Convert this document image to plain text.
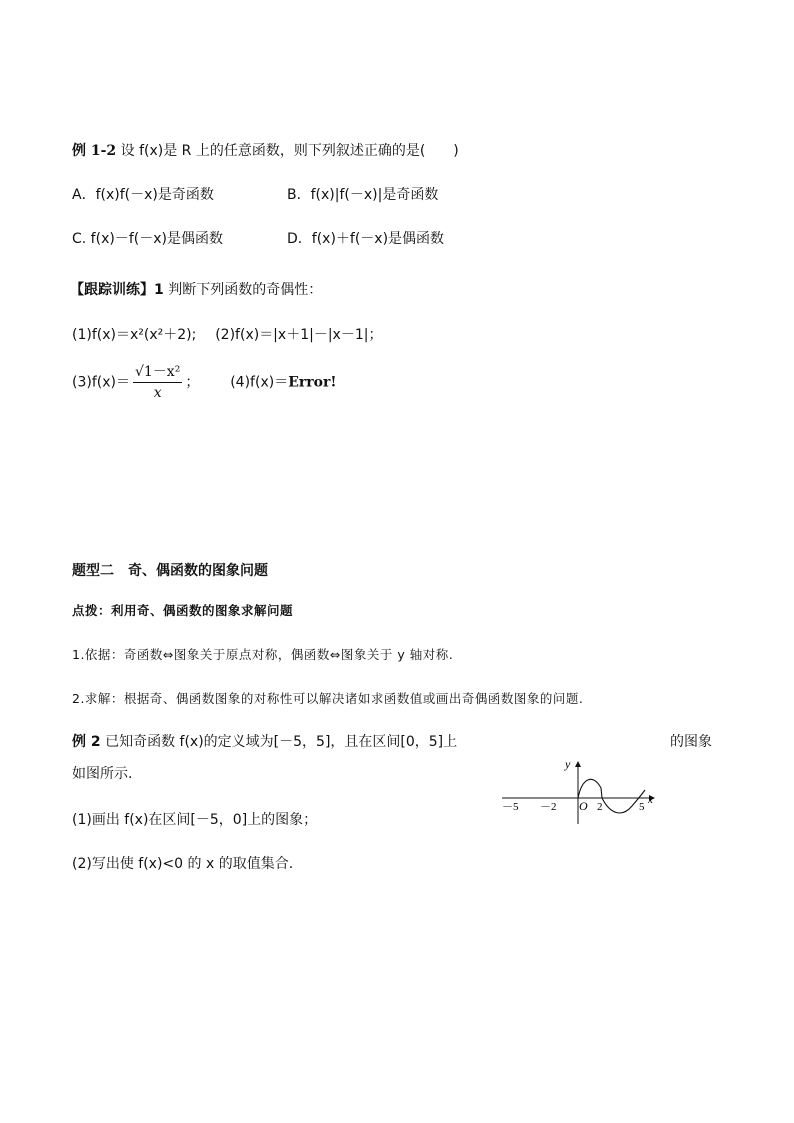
例 1-2 设 f(x)是 R 上的任意函数，则下列叙述正确的是(　　)
A．f(x)f(－x)是奇函数	B．f(x)|f(－x)|是奇函数
C. f(x)－f(－x)是偶函数	D．f(x)＋f(－x)是偶函数
【跟踪训练】1 判断下列函数的奇偶性：
(1)f(x)＝x²(x²＋2); (2)f(x)＝|x＋1|－|x－1|；
$(3)f(x)= \frac{\text{√1－x²}}{x}$ ； (4)f(x)＝Error!
题型二　奇、偶函数的图象问题
点拨：利用奇、偶函数的图象求解问题
1.依据：奇函数⇔图象关于原点对称，偶函数⇔图象关于 y 轴对称.
2.求解：根据奇、偶函数图象的对称性可以解决诸如求函数值或画出奇偶函数图象的问题.
例 2 已知奇函数 f(x)的定义域为[－5，5]，且在区间[0，5]上	的图象
如图所示.
(1)画出 f(x)在区间[－5，0]上的图象；
(2)写出使 f(x)<0 的 x 的取值集合.
y
x
O
－5 －2	2	5
